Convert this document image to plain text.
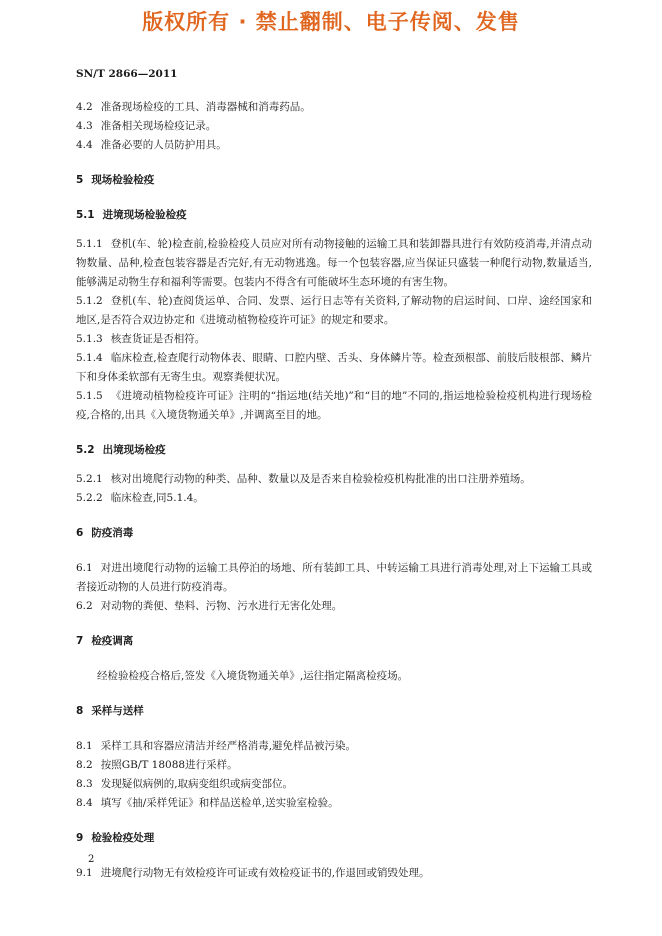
版权所有 · 禁止翻制、电子传阅、发售
SN/T 2866—2011

4.2 准备现场检疫的工具、消毒器械和消毒药品。

4.3 准备相关现场检疫记录。

4.4 准备必要的人员防护用具。

5 现场检验检疫

5.1 进境现场检验检疫

5.1.1 登机(车、轮)检查前,检验检疫人员应对所有动物接触的运输工具和装卸器具进行有效防疫消毒,并清点动物数量、品种,检查包装容器是否完好,有无动物逃逸。每一个包装容器,应当保证只盛装一种爬行动物,数量适当,能够满足动物生存和福利等需要。包装内不得含有可能破坏生态环境的有害生物。

5.1.2 登机(车、轮)查阅货运单、合同、发票、运行日志等有关资料,了解动物的启运时间、口岸、途经国家和地区,是否符合双边协定和《进境动植物检疫许可证》的规定和要求。

5.1.3 核查货证是否相符。

5.1.4 临床检查,检查爬行动物体表、眼睛、口腔内壁、舌头、身体鳞片等。检查颈根部、前肢后肢根部、鳞片下和身体柔软部有无寄生虫。观察粪便状况。

5.1.5 《进境动植物检疫许可证》注明的“指运地(结关地)”和“目的地”不同的,指运地检验检疫机构进行现场检疫,合格的,出具《入境货物通关单》,并调离至目的地。

5.2 出境现场检疫

5.2.1 核对出境爬行动物的种类、品种、数量以及是否来自检验检疫机构批准的出口注册养殖场。

5.2.2 临床检查,同5.1.4。

6 防疫消毒

6.1 对进出境爬行动物的运输工具停泊的场地、所有装卸工具、中转运输工具进行消毒处理,对上下运输工具或者接近动物的人员进行防疫消毒。

6.2 对动物的粪便、垫料、污物、污水进行无害化处理。

7 检疫调离

经检验检疫合格后,签发《入境货物通关单》,运往指定隔离检疫场。

8 采样与送样

8.1 采样工具和容器应清洁并经严格消毒,避免样品被污染。

8.2 按照GB/T 18088进行采样。

8.3 发现疑似病例的,取病变组织或病变部位。

8.4 填写《抽/采样凭证》和样品送检单,送实验室检验。

9 检验检疫处理

9.1 进境爬行动物无有效检疫许可证或有效检疫证书的,作退回或销毁处理。

2
